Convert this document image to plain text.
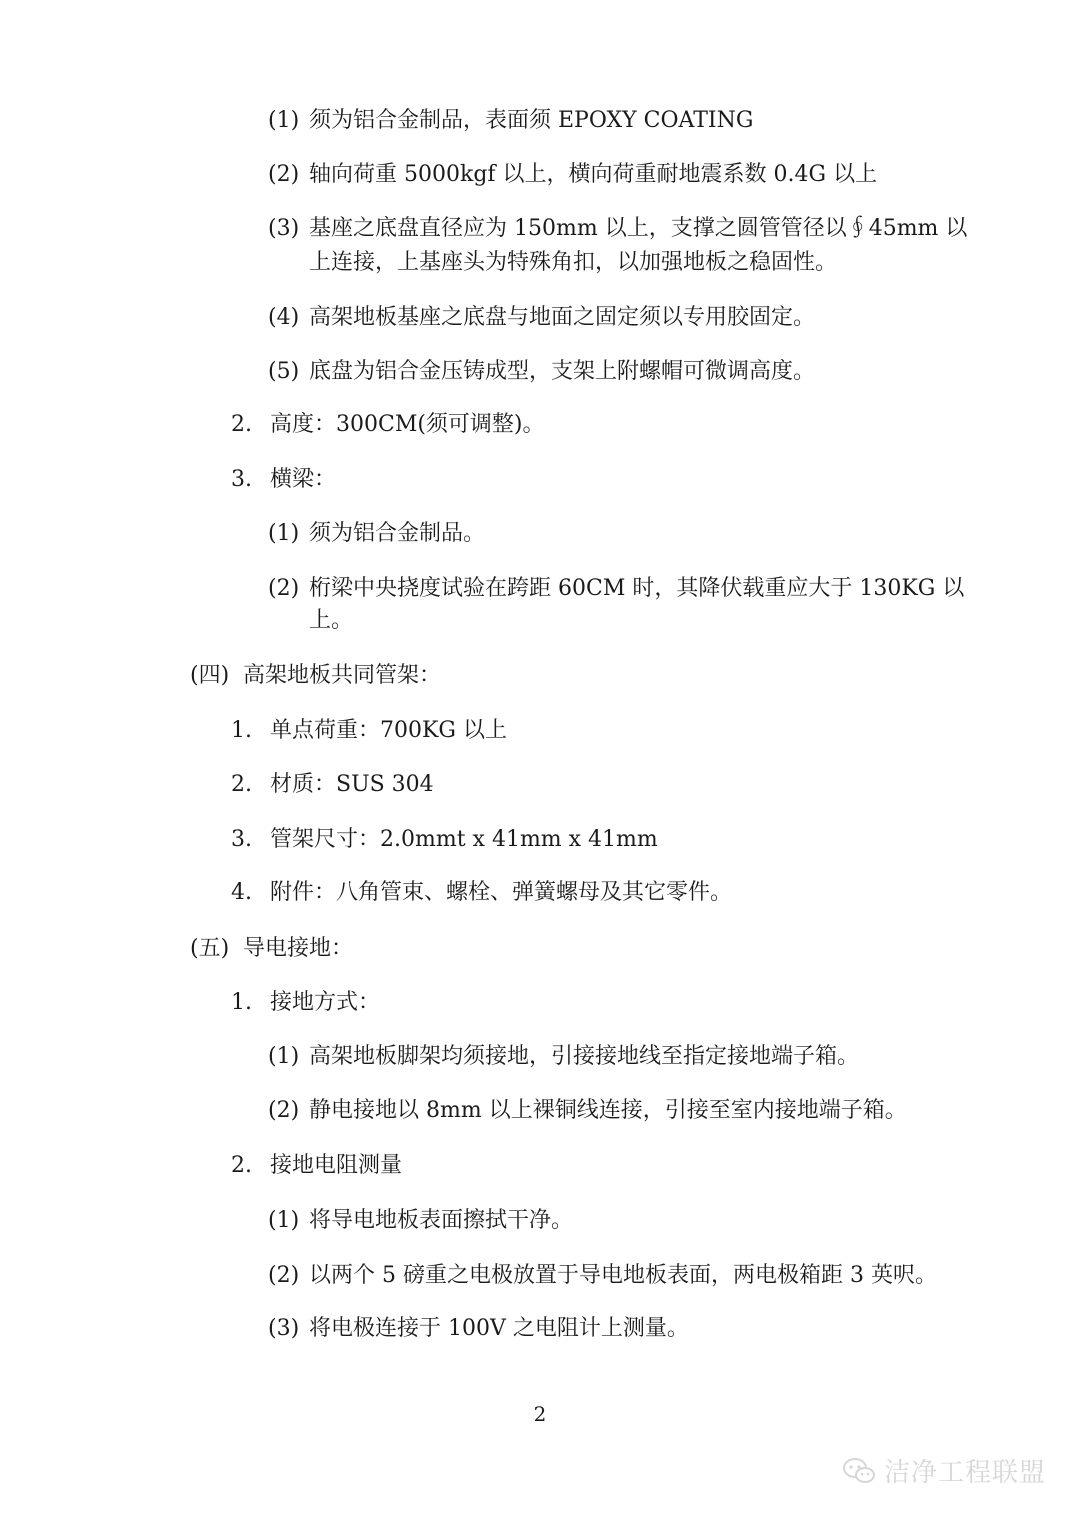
(1) 须为铝合金制品，表面须 EPOXY COATING
(2) 轴向荷重 5000kgf 以上，横向荷重耐地震系数 0.4G 以上
(3) 基座之底盘直径应为 150mm 以上，支撑之圆管管径以∮45mm 以
上连接，上基座头为特殊角扣，以加强地板之稳固性。
(4) 高架地板基座之底盘与地面之固定须以专用胶固定。
(5) 底盘为铝合金压铸成型，支架上附螺帽可微调高度。
2. 高度：300CM(须可调整)。
3. 横梁：
(1) 须为铝合金制品。
(2) 桁梁中央挠度试验在跨距 60CM 时，其降伏载重应大于 130KG 以
上。
(四) 高架地板共同管架：
1. 单点荷重：700KG 以上
2. 材质：SUS 304
3. 管架尺寸：2.0mmt x 41mm x 41mm
4. 附件：八角管束、螺栓、弹簧螺母及其它零件。
(五) 导电接地：
1. 接地方式：
(1) 高架地板脚架均须接地，引接接地线至指定接地端子箱。
(2) 静电接地以 8mm 以上裸铜线连接，引接至室内接地端子箱。
2. 接地电阻测量
(1) 将导电地板表面擦拭干净。
(2) 以两个 5 磅重之电极放置于导电地板表面，两电极箱距 3 英呎。
(3) 将电极连接于 100V 之电阻计上测量。
2
洁净工程联盟
